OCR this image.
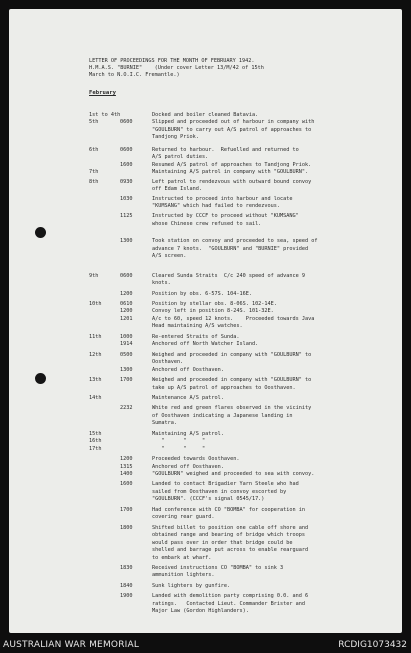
LETTER OF PROCEEDINGS FOR THE MONTH OF FEBRUARY 1942.
H.M.A.S. "BURNIE"    (Under cover Letter 13/M/42 of 15th
March to N.O.I.C. Fremantle.)
February
1st to 4th	Docked and boiler cleaned Batavia.
5th	0600	Slipped and proceeded out of harbour in company with
"GOULBURN" to carry out A/S patrol of approaches to
Tandjong Priok.
6th	0600	Returned to harbour.  Refuelled and returned to
A/S patrol duties.
1600	Resumed A/S patrol of approaches to Tandjong Priok.
7th	Maintaining A/S patrol in company with "GOULBURN".
8th	0930	Left patrol to rendezvous with outward bound convoy
off Edam Island.
1030	Instructed to proceed into harbour and locate
"KUMSANG" which had failed to rendezvous.
1125	Instructed by CCCF to proceed without "KUMSANG"
whose Chinese crew refused to sail.
1300	Took station on convoy and proceeded to sea, speed of
advance 7 knots.  "GOULBURN" and "BURNIE" provided
A/S screen.
9th	0600	Cleared Sunda Straits  C/c 240 speed of advance 9
knots.
1200	Position by obs. 6-57S. 104-16E.
10th	0610	Position by stellar obs. 8-06S. 102-14E.
1200	Convoy left in position 8-24S. 101-32E.
1201	A/c to 60, speed 12 knots.    Proceeded towards Java
Head maintaining A/S watches.
11th	1000	Re-entered Straits of Sunda.
1914	Anchored off North Watcher Island.
12th	0500	Weighed and proceeded in company with "GOULBURN" to
Oosthaven.
1300	Anchored off Oosthaven.
13th	1700	Weighed and proceeded in company with "GOULBURN" to
take up A/S patrol of approaches to Oosthaven.
14th	Maintenance A/S patrol.
2232	White red and green flares observed in the vicinity
of Oosthaven indicating a Japanese landing in
Sumatra.
15th	Maintaining A/S patrol.
16th	"      "     "
17th	"      "     "
1200	Proceeded towards Oosthaven.
1315	Anchored off Oosthaven.
1400	"GOULBURN" weighed and proceeded to sea with convoy.
1600	Landed to contact Brigadier Yarn Steele who had
sailed from Oosthaven in convoy escorted by
"GOULBURN". (CCCF's signal 0545/17.)
1700	Had conference with CO "BOMBA" for cooperation in
covering rear guard.
1800	Shifted billet to position one cable off shore and
obtained range and bearing of bridge which troops
would pass over in order that bridge could be
shelled and barrage put across to enable rearguard
to embark at wharf.
1830	Received instructions CO "BOMBA" to sink 3
ammunition lighters.
1840	Sunk lighters by gunfire.
1900	Landed with demolition party comprising 0.0. and 6
ratings.   Contacted Lieut. Commander Brister and
Major Law (Gordon Highlanders).
AUSTRALIAN WAR MEMORIAL	RCDIG1073432
